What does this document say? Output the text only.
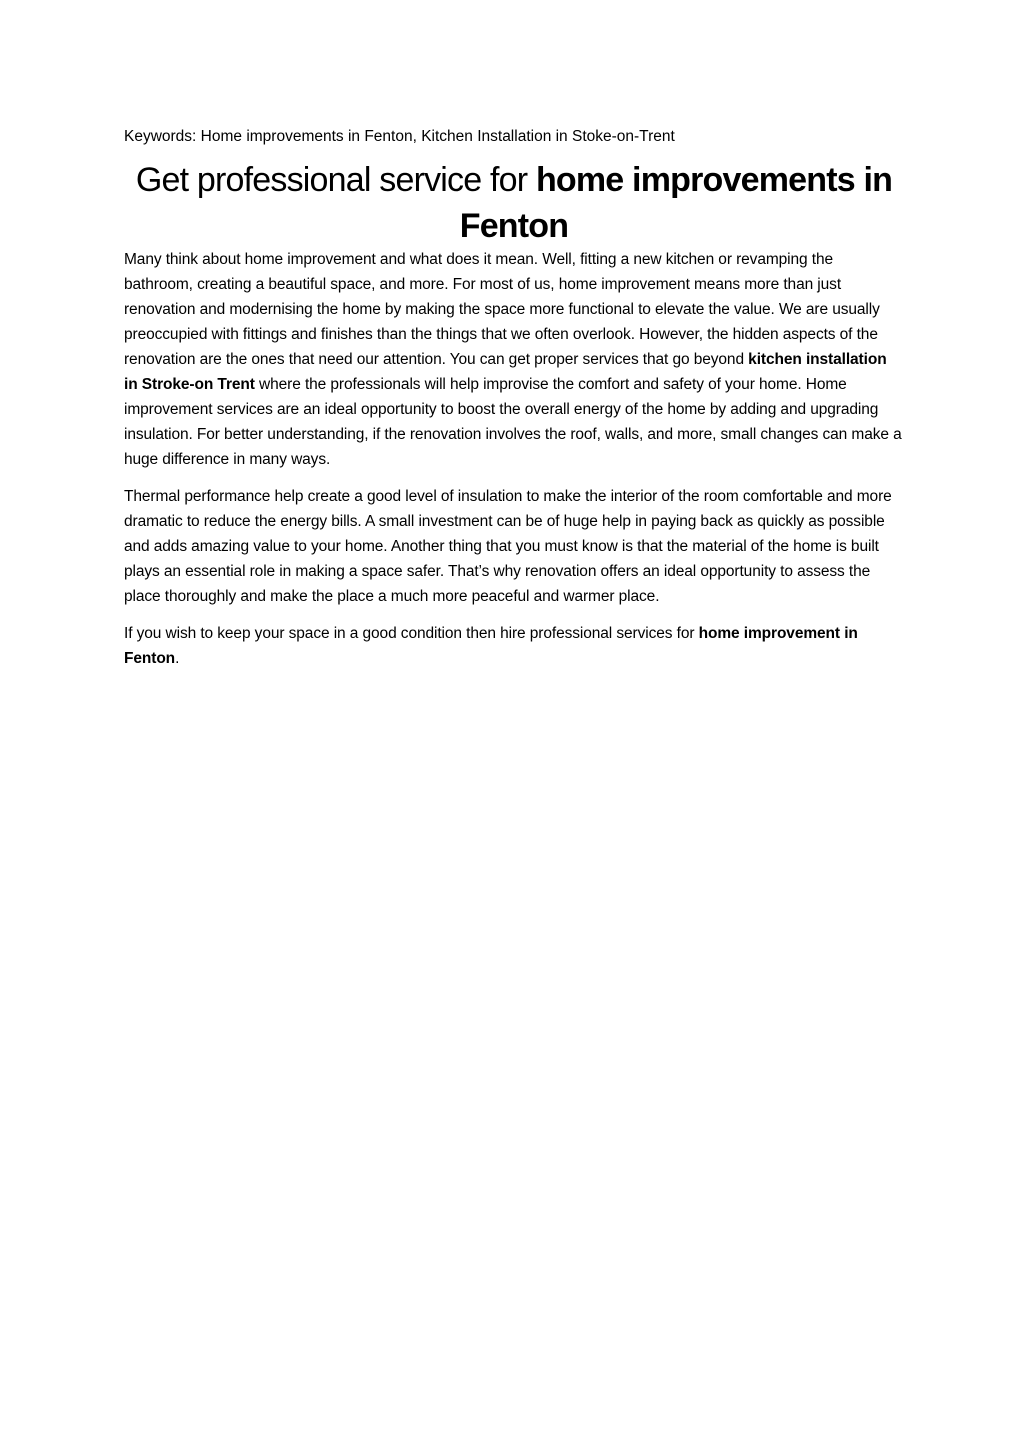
Keywords: Home improvements in Fenton, Kitchen Installation in Stoke-on-Trent

Get professional service for home improvements in Fenton

Many think about home improvement and what does it mean. Well, fitting a new kitchen or revamping the bathroom, creating a beautiful space, and more. For most of us, home improvement means more than just renovation and modernising the home by making the space more functional to elevate the value. We are usually preoccupied with fittings and finishes than the things that we often overlook. However, the hidden aspects of the renovation are the ones that need our attention. You can get proper services that go beyond kitchen installation in Stroke-on Trent where the professionals will help improvise the comfort and safety of your home. Home improvement services are an ideal opportunity to boost the overall energy of the home by adding and upgrading insulation. For better understanding, if the renovation involves the roof, walls, and more, small changes can make a huge difference in many ways.

Thermal performance help create a good level of insulation to make the interior of the room comfortable and more dramatic to reduce the energy bills. A small investment can be of huge help in paying back as quickly as possible and adds amazing value to your home. Another thing that you must know is that the material of the home is built plays an essential role in making a space safer. That’s why renovation offers an ideal opportunity to assess the place thoroughly and make the place a much more peaceful and warmer place.

If you wish to keep your space in a good condition then hire professional services for home improvement in Fenton.
